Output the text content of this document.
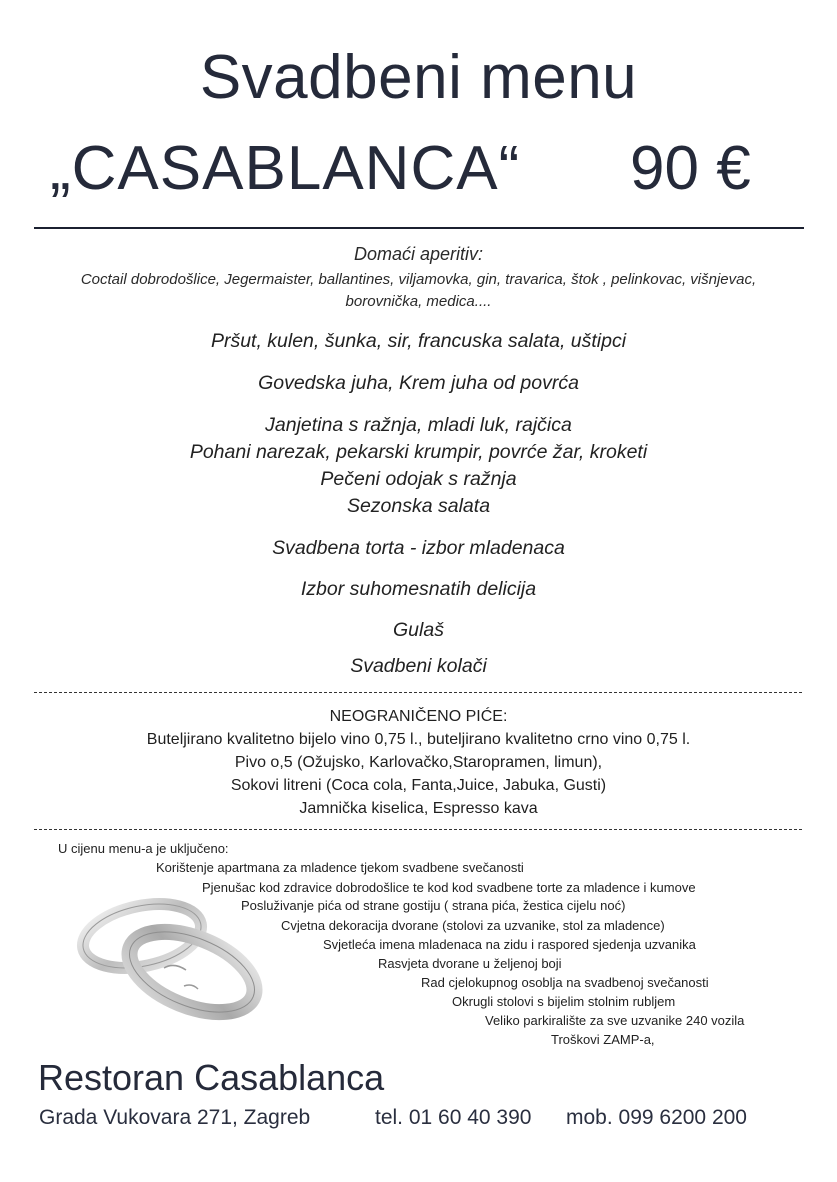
Svadbeni menu
„CASABLANCA“ 90 €
Domaći aperitiv:
Coctail dobrodošlice, Jegermaister, ballantines, viljamovka, gin, travarica, štok , pelinkovac, višnjevac,
borovnička, medica....
Pršut, kulen, šunka, sir, francuska salata, uštipci
Govedska juha, Krem juha od povrća
Janjetina s ražnja, mladi luk, rajčica
Pohani narezak, pekarski krumpir, povrće žar, kroketi
Pečeni odojak s ražnja
Sezonska salata
Svadbena torta - izbor mladenaca
Izbor suhomesnatih delicija
Gulaš
Svadbeni kolači
NEOGRANIČENO PIĆE:
Buteljirano kvalitetno bijelo vino 0,75 l., buteljirano kvalitetno crno vino 0,75 l.
Pivo o,5 (Ožujsko, Karlovačko,Staropramen, limun),
Sokovi litreni (Coca cola, Fanta,Juice, Jabuka, Gusti)
Jamnička kiselica, Espresso kava
U cijenu menu-a je uključeno:
Korištenje apartmana za mladence tjekom svadbene svečanosti
Pjenušac kod zdravice dobrodošlice te kod kod svadbene torte za mladence i kumove
Posluživanje pića od strane gostiju ( strana pića, žestica cijelu noć)
Cvjetna dekoracija dvorane (stolovi za uzvanike, stol za mladence)
Svjetleća imena mladenaca na zidu i raspored sjedenja uzvanika
Rasvjeta dvorane u željenoj boji
Rad cjelokupnog osoblja na svadbenoj svečanosti
Okrugli stolovi s bijelim stolnim rubljem
Veliko parkiralište za sve uzvanike 240 vozila
Troškovi ZAMP-a,
Restoran Casablanca
Grada Vukovara 271, Zagreb	tel. 01 60 40 390 mob. 099 6200 200
